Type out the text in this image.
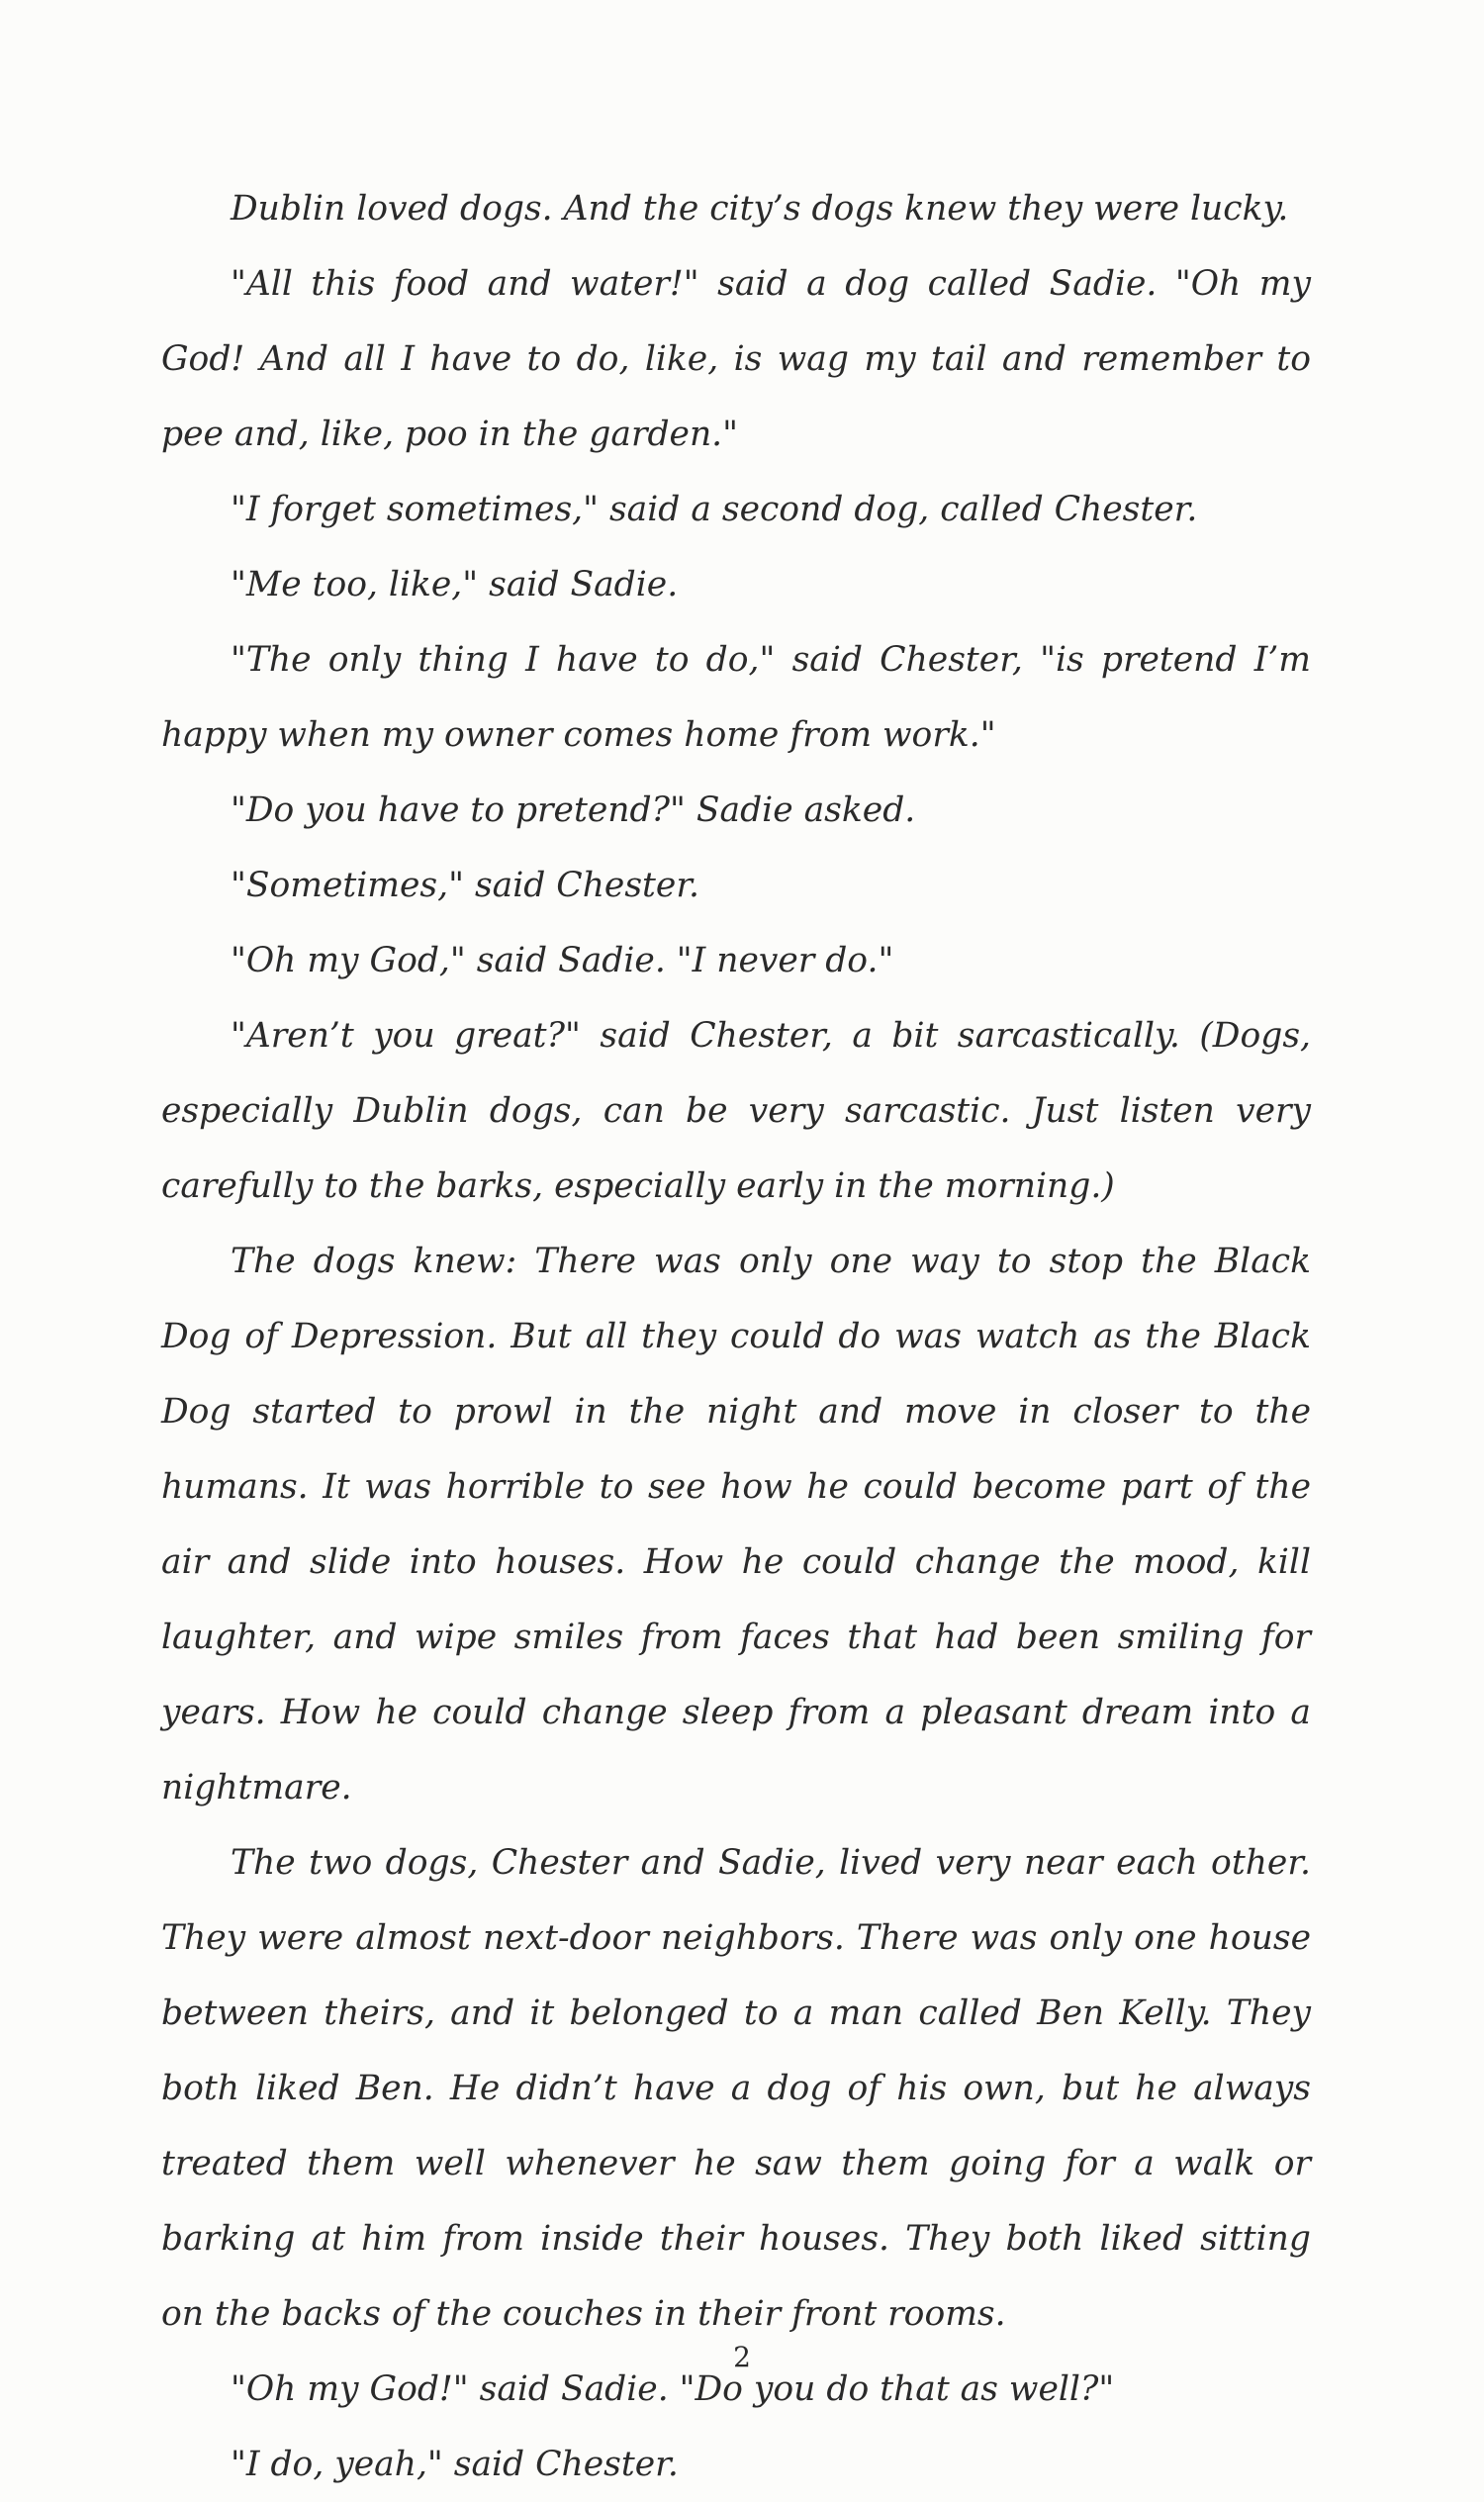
Dublin loved dogs. And the city’s dogs knew they were lucky.

"All this food and water!" said a dog called Sadie. "Oh my God! And all I have to do, like, is wag my tail and remember to pee and, like, poo in the garden."

"I forget sometimes," said a second dog, called Chester.

"Me too, like," said Sadie.

"The only thing I have to do," said Chester, "is pretend I’m happy when my owner comes home from work."

"Do you have to pretend?" Sadie asked.

"Sometimes," said Chester.

"Oh my God," said Sadie. "I never do."

"Aren’t you great?" said Chester, a bit sarcastically. (Dogs, especially Dublin dogs, can be very sarcastic. Just listen very carefully to the barks, especially early in the morning.)

The dogs knew: There was only one way to stop the Black Dog of Depression. But all they could do was watch as the Black Dog started to prowl in the night and move in closer to the humans. It was horrible to see how he could become part of the air and slide into houses. How he could change the mood, kill laughter, and wipe smiles from faces that had been smiling for years. How he could change sleep from a pleasant dream into a nightmare.

The two dogs, Chester and Sadie, lived very near each other. They were almost next-door neighbors. There was only one house between theirs, and it belonged to a man called Ben Kelly. They both liked Ben. He didn’t have a dog of his own, but he always treated them well whenever he saw them going for a walk or barking at him from inside their houses. They both liked sitting on the backs of the couches in their front rooms.

"Oh my God!" said Sadie. "Do you do that as well?"

"I do, yeah," said Chester.

2
